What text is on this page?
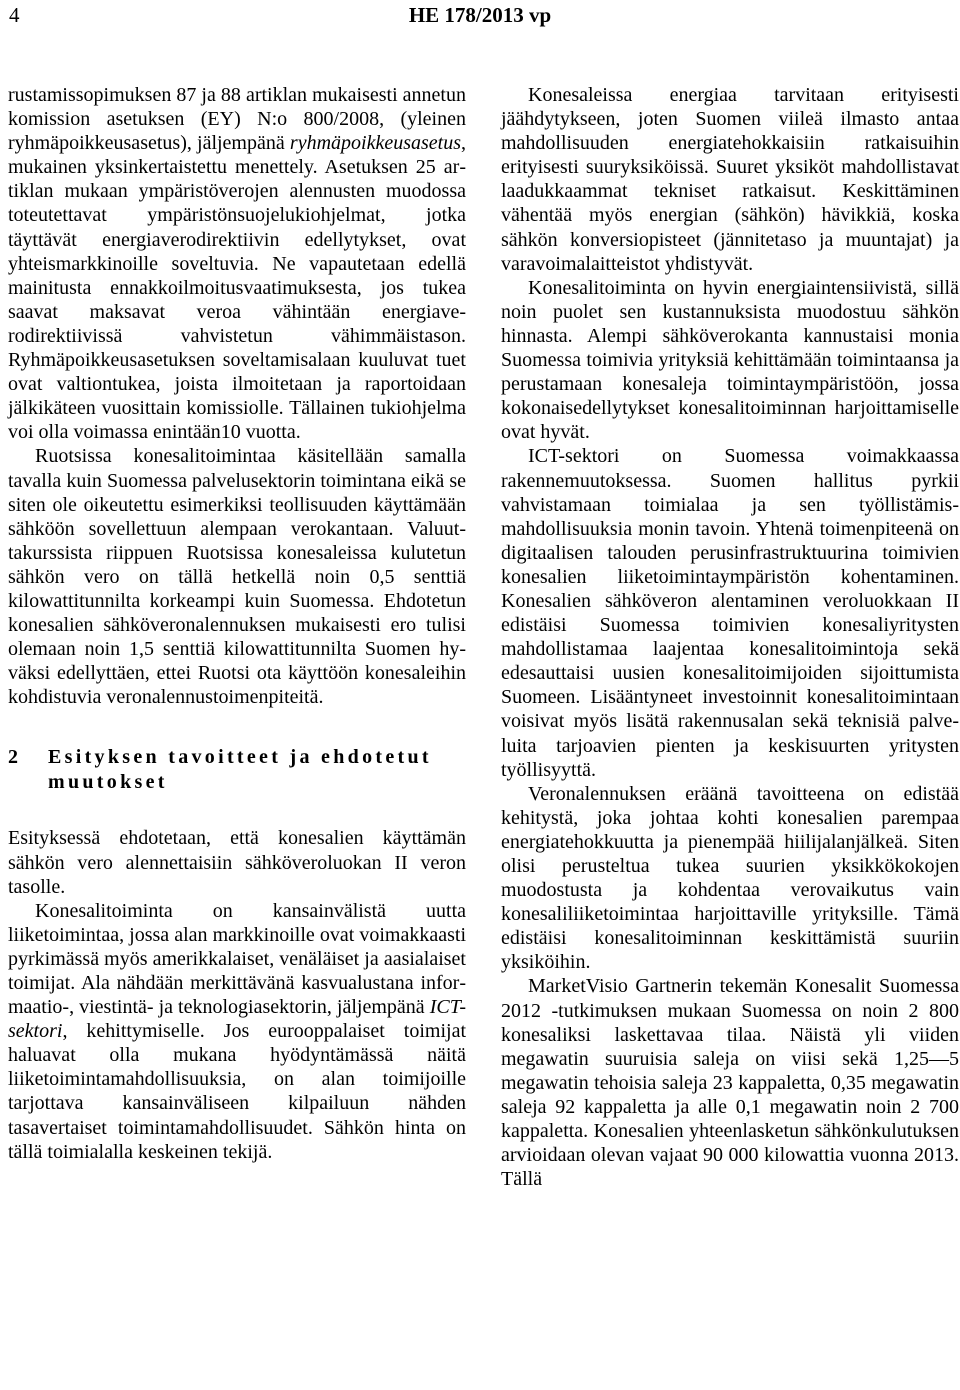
4	HE 178/2013 vp

rustamissopimuksen 87 ja 88 artiklan mukaisesti annetun komission asetuksen (EY) N:o 800/2008, (yleinen ryhmäpoikkeusasetus), jäljempänä ryhmäpoikkeusasetus, mukainen yksinkertaistettu menettely. Asetuksen 25 artiklan mukaan ympäristöverojen alennusten muodossa toteutettavat ympäristönsuojelukiohjelmat, jotka täyttävät energiaverodirektiivin edellytykset, ovat yhteismarkkinoille soveltuvia. Ne vapautetaan edellä mainitusta ennakkoilmoitusvaatimuksesta, jos tukea saavat maksavat veroa vähintään energiaverodirektiivissä vahvistetun vähimmäistason. Ryhmäpoikkeusasetuksen soveltamisalaan kuuluvat tuet ovat valtiontukea, joista ilmoitetaan ja raportoidaan jälkikäteen vuosittain komissiolle. Tällainen tukiohjelma voi olla voimassa enintään10 vuotta.

Ruotsissa konesalitoimintaa käsitellään samalla tavalla kuin Suomessa palvelusektorin toimintana eikä se siten ole oikeutettu esimerkiksi teollisuuden käyttämään sähköön sovellettuun alempaan verokantaan. Valuuttakurssista riippuen Ruotsissa konesaleissa kulutetun sähkön vero on tällä hetkellä noin 0,5 senttiä kilowattitunnilta korkeampi kuin Suomessa. Ehdotetun konesalien sähköveronalennuksen mukaisesti ero tulisi olemaan noin 1,5 senttiä kilowattitunnilta Suomen hyväksi edellyttäen, ettei Ruotsi ota käyttöön konesaleihin kohdistuvia veronalennustoimenpiteitä.

2	Esityksen tavoitteet ja ehdotetut muutokset

Esityksessä ehdotetaan, että konesalien käyttämän sähkön vero alennettaisiin sähköveroluokan II veron tasolle.

Konesalitoiminta on kansainvälistä uutta liiketoimintaa, jossa alan markkinoille ovat voimakkaasti pyrkimässä myös amerikkalaiset, venäläiset ja aasialaiset toimijat. Ala nähdään merkittävänä kasvualustana informaatio-, viestintä- ja teknologiasektorin, jäljempänä ICT-sektori, kehittymiselle. Jos eurooppalaiset toimijat haluavat olla mukana hyödyntämässä näitä liiketoimintamahdollisuuksia, on alan toimijoille tarjottava kansainväliseen kilpailuun nähden tasavertaiset toimintamahdollisuudet. Sähkön hinta on tällä toimialalla keskeinen tekijä.

Konesaleissa energiaa tarvitaan erityisesti jäähdytykseen, joten Suomen viileä ilmasto antaa mahdollisuuden energiatehokkaisiin ratkaisuihin erityisesti suuryksiköissä. Suuret yksiköt mahdollistavat laadukkaammat tekniset ratkaisut. Keskittäminen vähentää myös energian (sähkön) hävikkiä, koska sähkön konversiopisteet (jännitetaso ja muuntajat) ja varavoimalaitteistot yhdistyvät.

Konesalitoiminta on hyvin energiaintensiivistä, sillä noin puolet sen kustannuksista muodostuu sähkön hinnasta. Alempi sähköverokanta kannustaisi monia Suomessa toimivia yrityksiä kehittämään toimintaansa ja perustamaan konesaleja toimintaympäristöön, jossa kokonaisedellytykset konesalitoiminnan harjoittamiselle ovat hyvät.

ICT-sektori on Suomessa voimakkaassa rakennemuutoksessa. Suomen hallitus pyrkii vahvistamaan toimialaa ja sen työllistämismahdollisuuksia monin tavoin. Yhtenä toimenpiteenä on digitaalisen talouden perusinfrastruktuurina toimivien konesalien liiketoimintaympäristön kohentaminen. Konesalien sähköveron alentaminen veroluokkaan II edistäisi Suomessa toimivien konesaliyritysten mahdollistamaa laajentaa konesalitoimintoja sekä edesauttaisi uusien konesalitoimijoiden sijoittumista Suomeen. Lisääntyneet investoinnit konesalitoimintaan voisivat myös lisätä rakennusalan sekä teknisiä palveluita tarjoavien pienten ja keskisuurten yritysten työllisyyttä.

Veronalennuksen eräänä tavoitteena on edistää kehitystä, joka johtaa kohti konesalien parempaa energiatehokkuutta ja pienempää hiilijalanjälkeä. Siten olisi perusteltua tukea suurien yksikkökokojen muodostusta ja kohdentaa verovaikutus vain konesaliliiketoimintaa harjoittaville yrityksille. Tämä edistäisi konesalitoiminnan keskittämistä suuriin yksiköihin.

MarketVisio Gartnerin tekemän Konesalit Suomessa 2012 -tutkimuksen mukaan Suomessa on noin 2 800 konesaliksi laskettavaa tilaa. Näistä yli viiden megawatin suuruisia saleja on viisi sekä 1,25—5 megawatin tehoisia saleja 23 kappaletta, 0,35 megawatin saleja 92 kappaletta ja alle 0,1 megawatin noin 2 700 kappaletta. Konesalien yhteenlasketun sähkönkulutuksen arvioidaan olevan vajaat 90 000 kilowattia vuonna 2013. Tällä
